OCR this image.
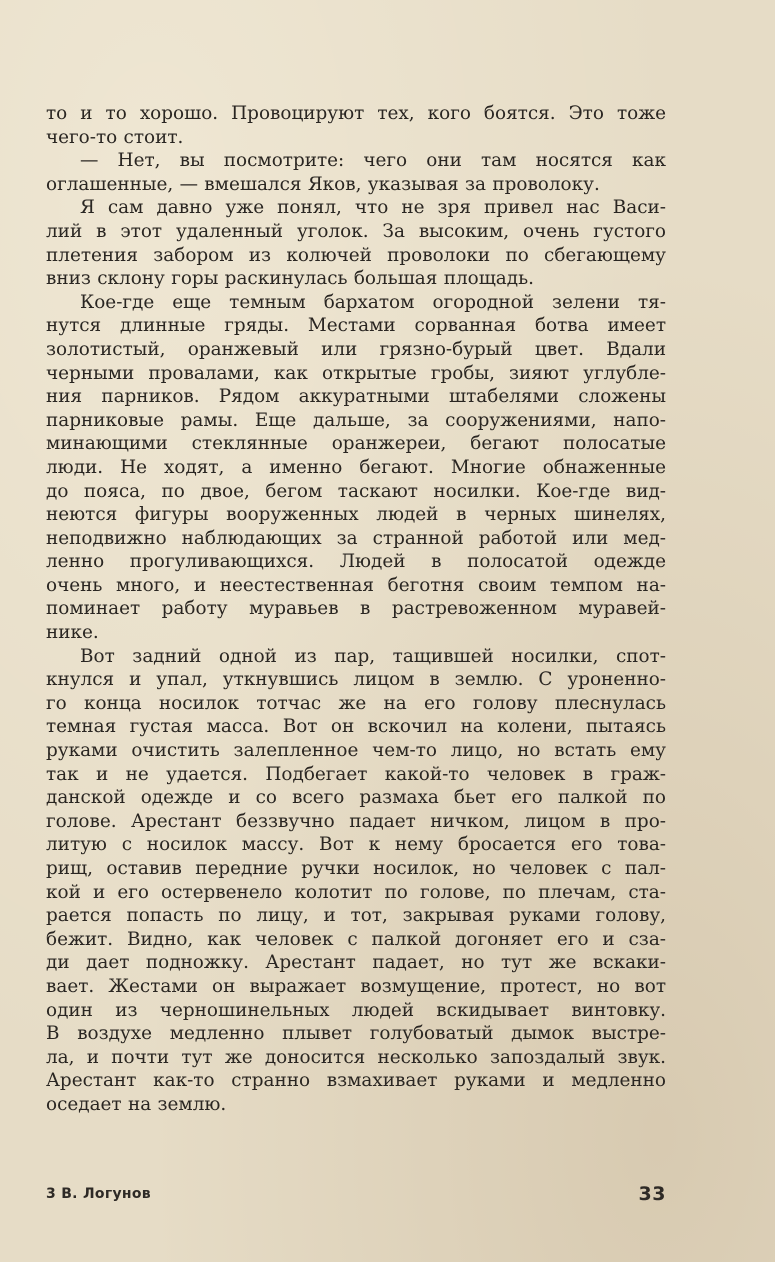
то и то хорошо. Провоцируют тех, кого боятся. Это тоже
чего-то стоит.
— Нет, вы посмотрите: чего они там носятся как
оглашенные, — вмешался Яков, указывая за проволоку.
Я сам давно уже понял, что не зря привел нас Васи-
лий в этот удаленный уголок. За высоким, очень густого
плетения забором из колючей проволоки по сбегающему
вниз склону горы раскинулась большая площадь.
Кое-где еще темным бархатом огородной зелени тя-
нутся длинные гряды. Местами сорванная ботва имеет
золотистый, оранжевый или грязно-бурый цвет. Вдали
черными провалами, как открытые гробы, зияют углубле-
ния парников. Рядом аккуратными штабелями сложены
парниковые рамы. Еще дальше, за сооружениями, напо-
минающими стеклянные оранжереи, бегают полосатые
люди. Не ходят, а именно бегают. Многие обнаженные
до пояса, по двое, бегом таскают носилки. Кое-где вид-
неются фигуры вооруженных людей в черных шинелях,
неподвижно наблюдающих за странной работой или мед-
ленно прогуливающихся. Людей в полосатой одежде
очень много, и неестественная беготня своим темпом на-
поминает работу муравьев в растревоженном муравей-
нике.
Вот задний одной из пар, тащившей носилки, спот-
кнулся и упал, уткнувшись лицом в землю. С уроненно-
го конца носилок тотчас же на его голову плеснулась
темная густая масса. Вот он вскочил на колени, пытаясь
руками очистить залепленное чем-то лицо, но встать ему
так и не удается. Подбегает какой-то человек в граж-
данской одежде и со всего размаха бьет его палкой по
голове. Арестант беззвучно падает ничком, лицом в про-
литую с носилок массу. Вот к нему бросается его това-
рищ, оставив передние ручки носилок, но человек с пал-
кой и его остервенело колотит по голове, по плечам, ста-
рается попасть по лицу, и тот, закрывая руками голову,
бежит. Видно, как человек с палкой догоняет его и сза-
ди дает подножку. Арестант падает, но тут же вскаки-
вает. Жестами он выражает возмущение, протест, но вот
один из черношинельных людей вскидывает винтовку.
В воздухе медленно плывет голубоватый дымок выстре-
ла, и почти тут же доносится несколько запоздалый звук.
Арестант как-то странно взмахивает руками и медленно
оседает на землю.
3 В. Логунов	33
